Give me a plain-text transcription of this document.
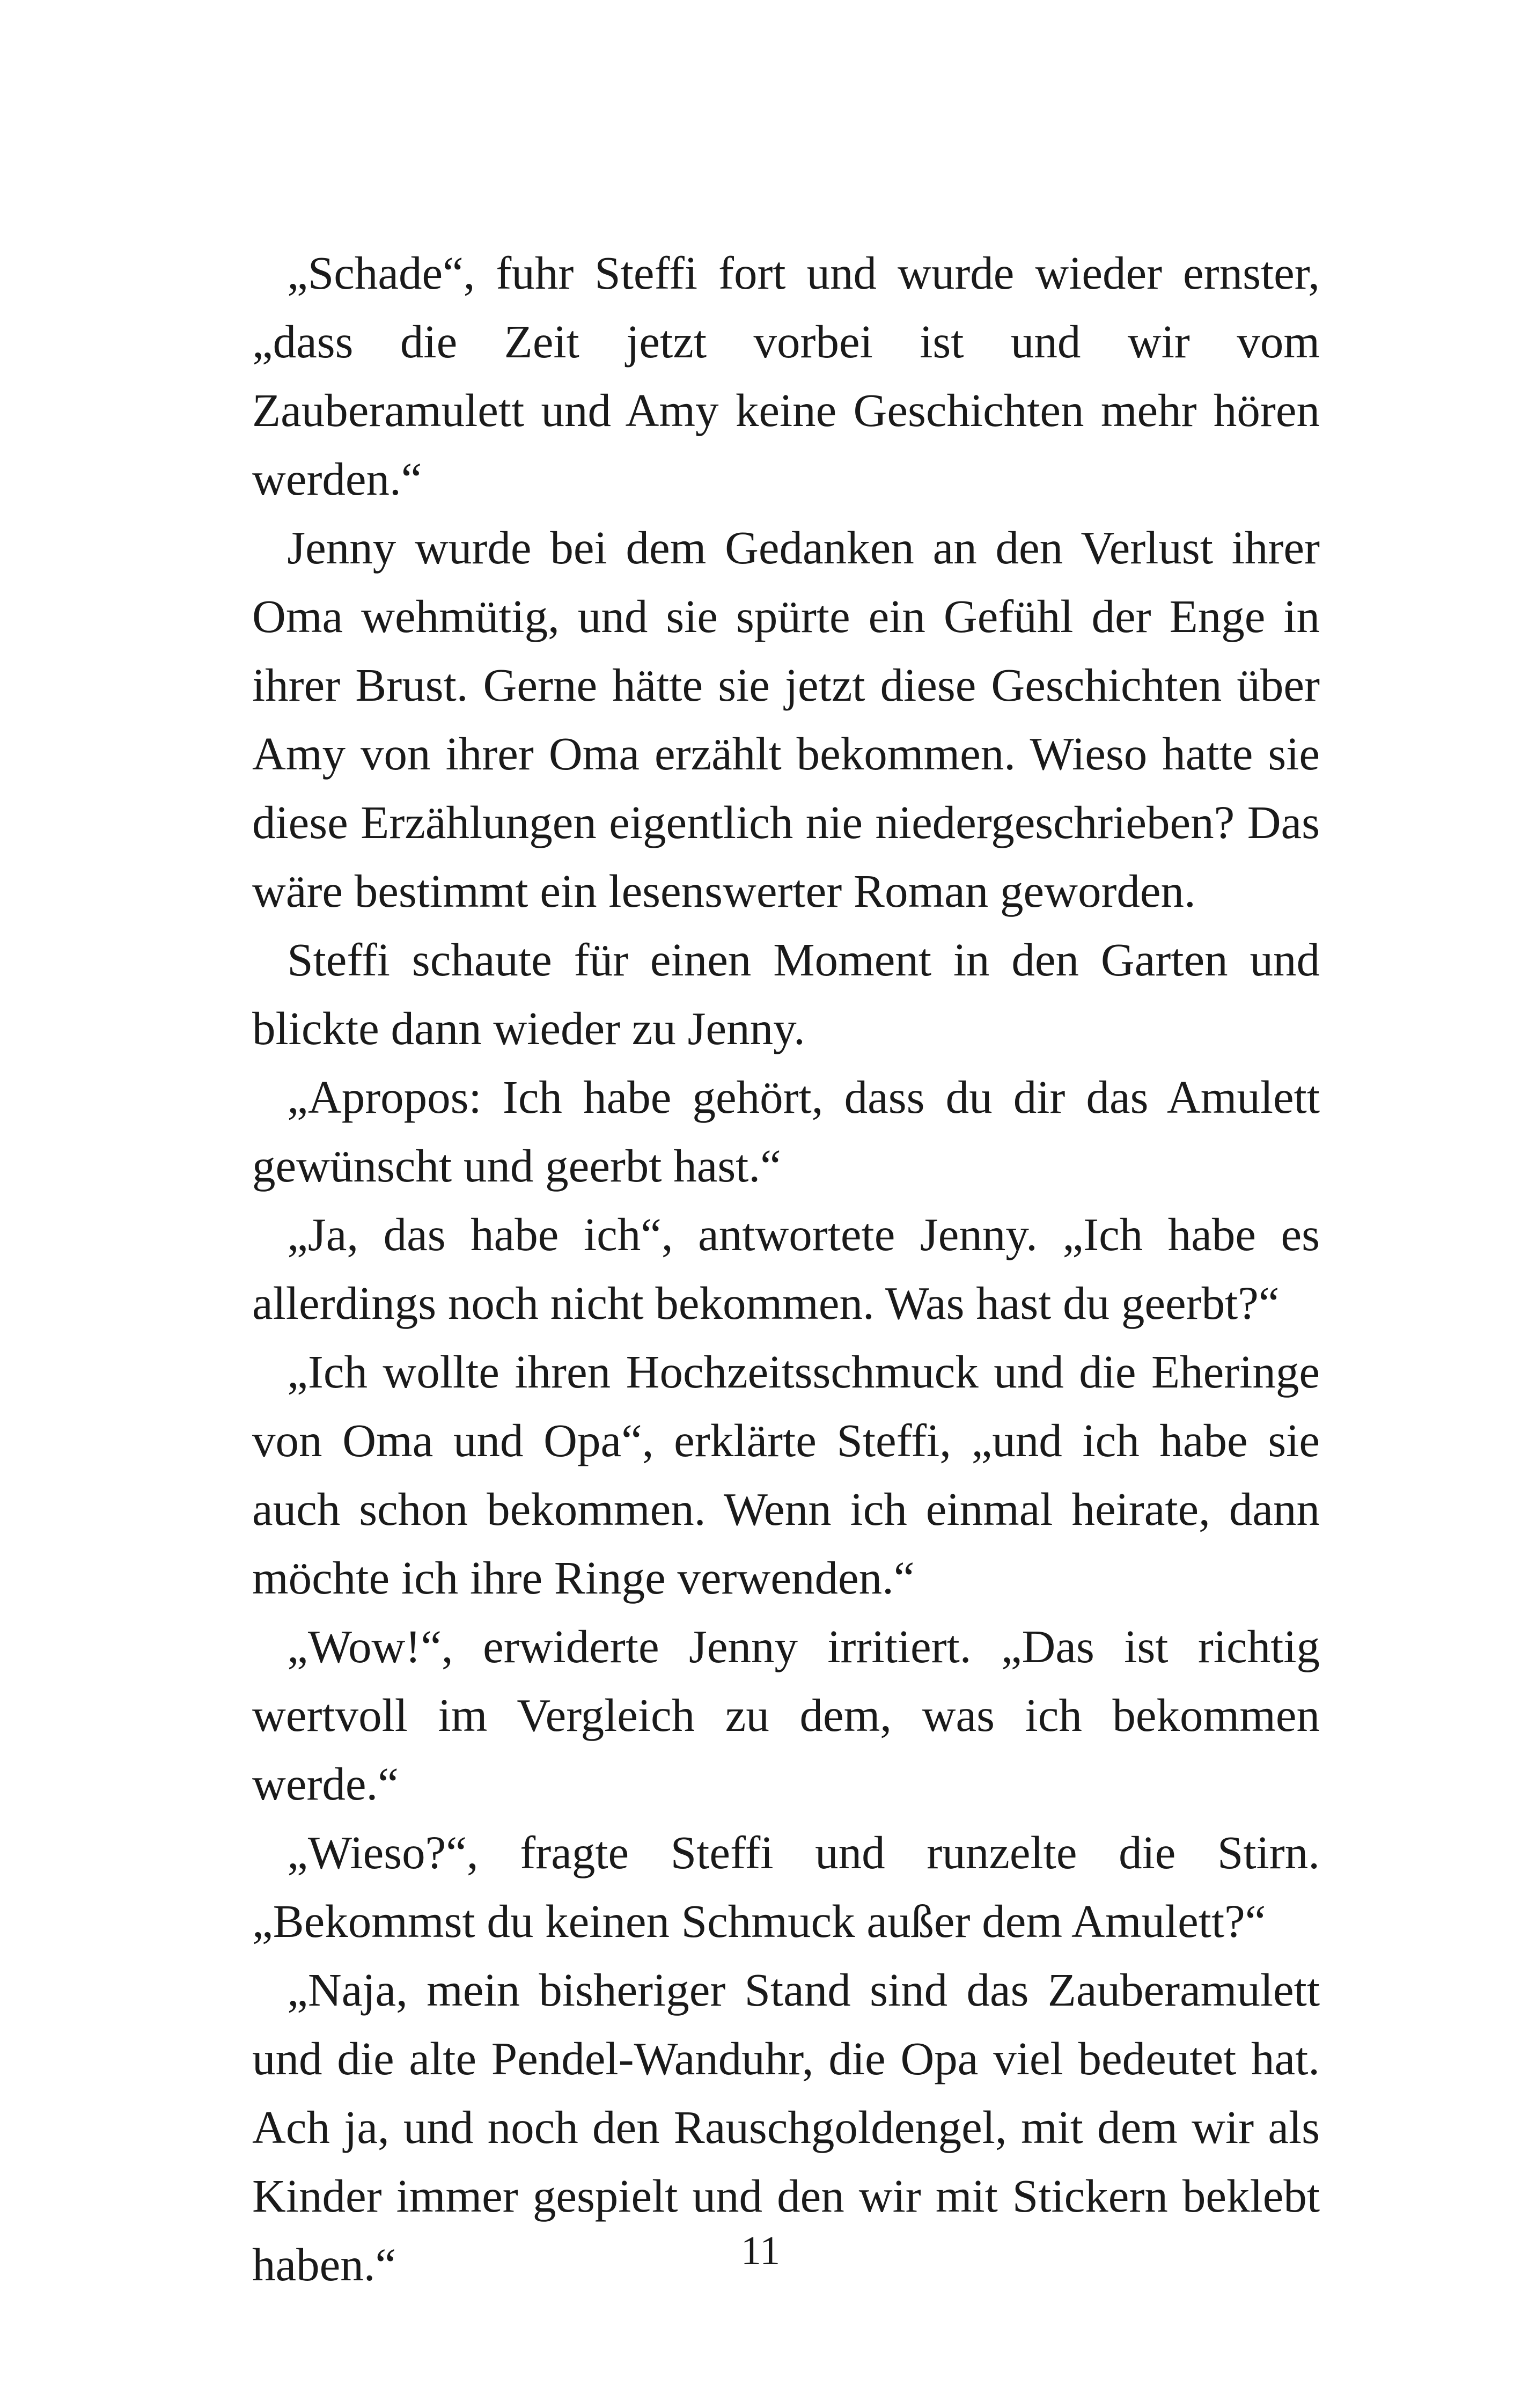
„Schade“, fuhr Steffi fort und wurde wieder ernster, „dass die Zeit jetzt vorbei ist und wir vom Zauberamulett und Amy keine Geschichten mehr hören werden.“

Jenny wurde bei dem Gedanken an den Verlust ihrer Oma wehmütig, und sie spürte ein Gefühl der Enge in ihrer Brust. Gerne hätte sie jetzt diese Geschichten über Amy von ihrer Oma erzählt bekommen. Wieso hatte sie diese Erzählungen eigentlich nie niedergeschrieben? Das wäre bestimmt ein lesenswerter Roman geworden.

Steffi schaute für einen Moment in den Garten und blickte dann wieder zu Jenny.

„Apropos: Ich habe gehört, dass du dir das Amulett gewünscht und geerbt hast.“

„Ja, das habe ich“, antwortete Jenny. „Ich habe es allerdings noch nicht bekommen. Was hast du geerbt?“

„Ich wollte ihren Hochzeitsschmuck und die Eheringe von Oma und Opa“, erklärte Steffi, „und ich habe sie auch schon bekommen. Wenn ich einmal heirate, dann möchte ich ihre Ringe verwenden.“

„Wow!“, erwiderte Jenny irritiert. „Das ist richtig wertvoll im Vergleich zu dem, was ich bekommen werde.“

„Wieso?“, fragte Steffi und runzelte die Stirn. „Bekommst du keinen Schmuck außer dem Amulett?“

„Naja, mein bisheriger Stand sind das Zauberamulett und die alte Pendel-Wanduhr, die Opa viel bedeutet hat. Ach ja, und noch den Rauschgoldengel, mit dem wir als Kinder immer gespielt und den wir mit Stickern beklebt haben.“	11
